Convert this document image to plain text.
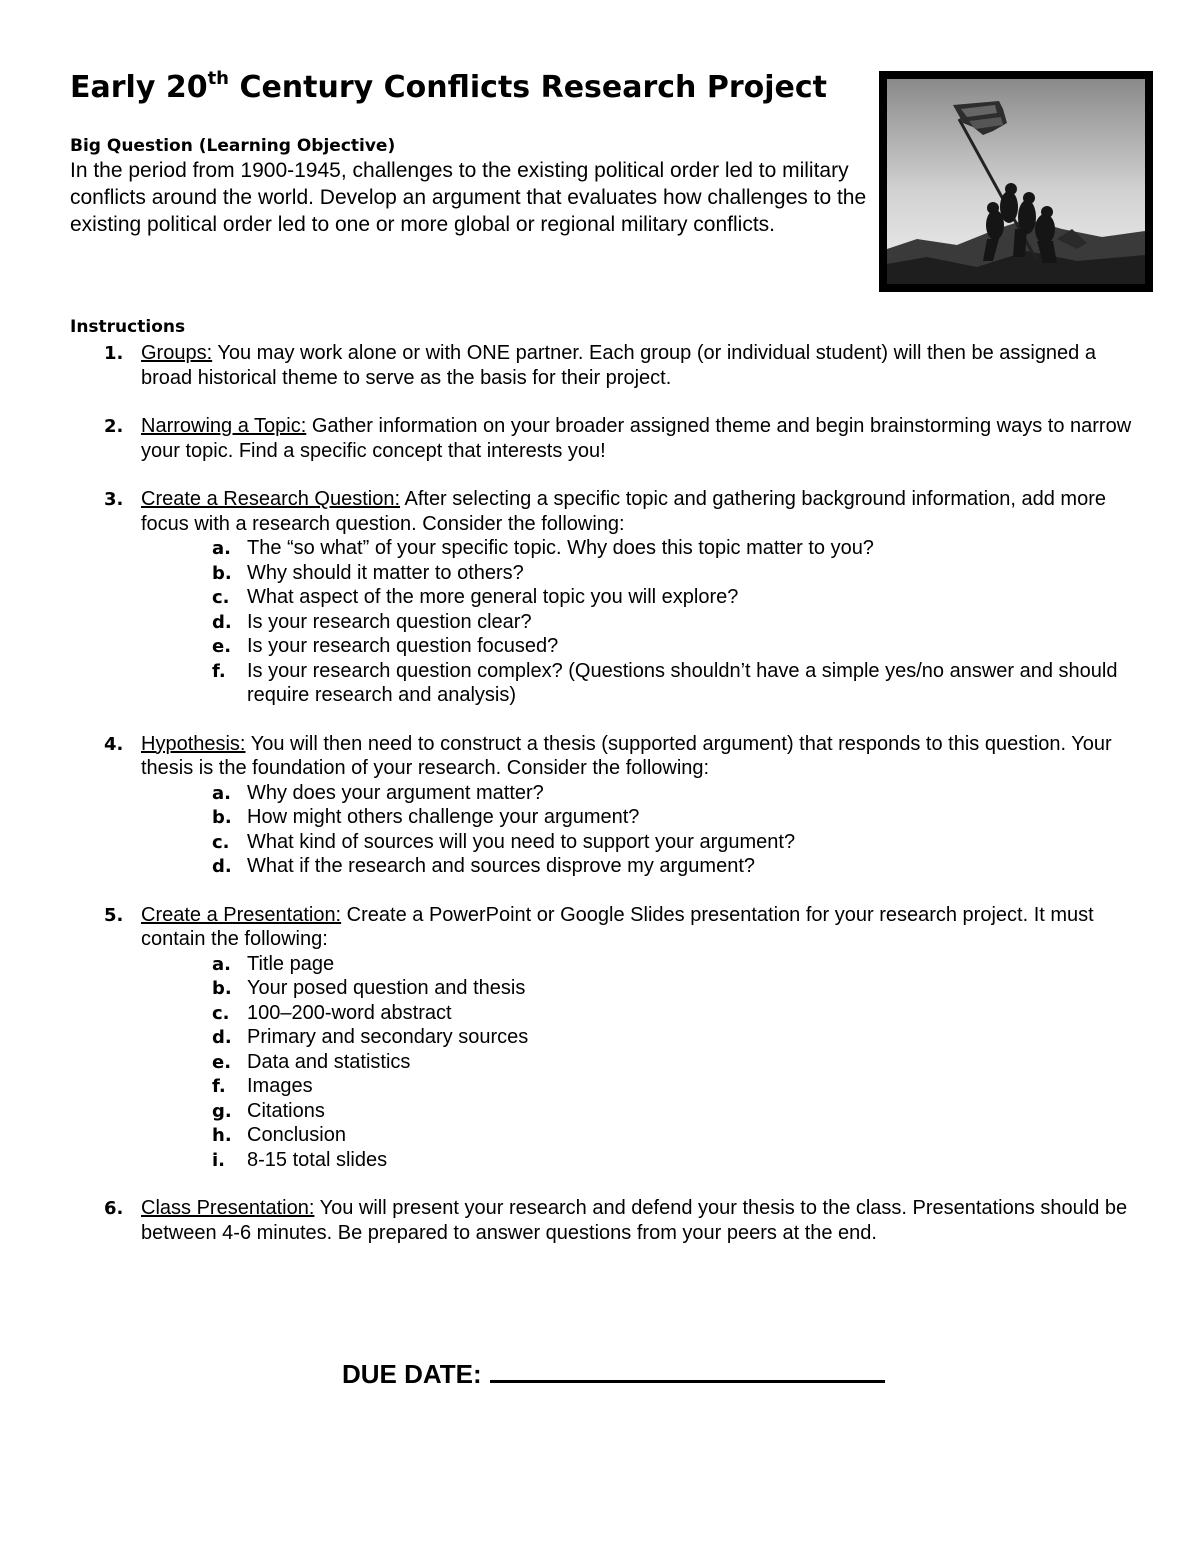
Early 20th Century Conflicts Research Project
Big Question (Learning Objective)

In the period from 1900-1945, challenges to the existing political order led to military conflicts around the world. Develop an argument that evaluates how challenges to the existing political order led to one or more global or regional military conflicts.

Instructions
1. Groups: You may work alone or with ONE partner. Each group (or individual student) will then be assigned a broad historical theme to serve as the basis for their project.
2. Narrowing a Topic: Gather information on your broader assigned theme and begin brainstorming ways to narrow your topic. Find a specific concept that interests you!
3. Create a Research Question: After selecting a specific topic and gathering background information, add more focus with a research question. Consider the following:
a. The “so what” of your specific topic. Why does this topic matter to you?
b. Why should it matter to others?
c. What aspect of the more general topic you will explore?
d. Is your research question clear?
e. Is your research question focused?
f. Is your research question complex? (Questions shouldn’t have a simple yes/no answer and should require research and analysis)
4. Hypothesis: You will then need to construct a thesis (supported argument) that responds to this question. Your thesis is the foundation of your research. Consider the following:
a. Why does your argument matter?
b. How might others challenge your argument?
c. What kind of sources will you need to support your argument?
d. What if the research and sources disprove my argument?
5. Create a Presentation: Create a PowerPoint or Google Slides presentation for your research project. It must contain the following:
a. Title page
b. Your posed question and thesis
c. 100–200-word abstract
d. Primary and secondary sources
e. Data and statistics
f. Images
g. Citations
h. Conclusion
i. 8-15 total slides
6. Class Presentation: You will present your research and defend your thesis to the class. Presentations should be between 4-6 minutes. Be prepared to answer questions from your peers at the end.
DUE DATE:
